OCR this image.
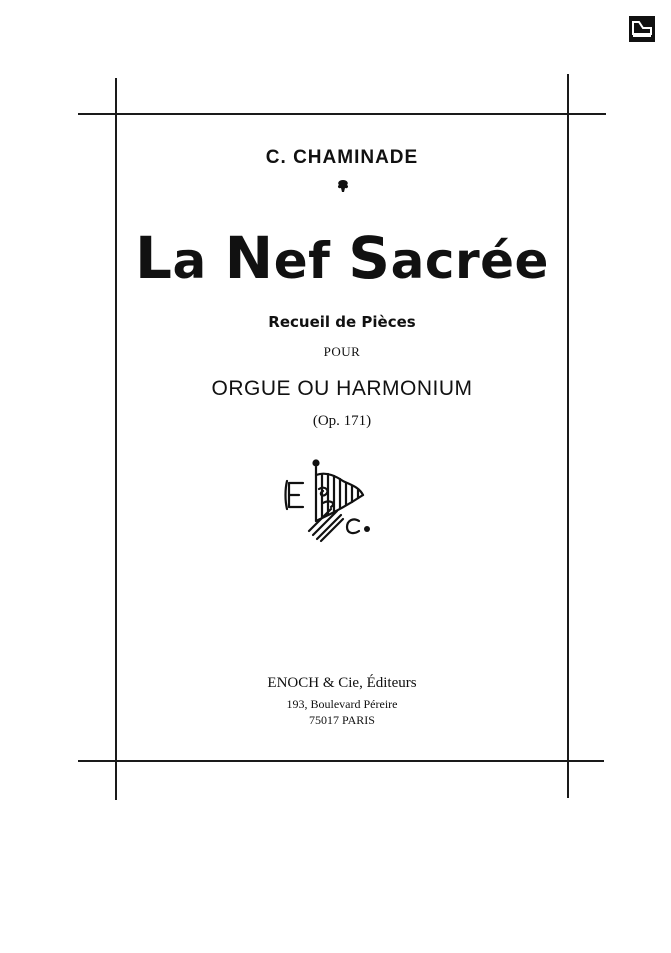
C. CHAMINADE
La Nef Sacrée
Recueil de Pièces
POUR
ORGUE OU HARMONIUM
(Op. 171)
ENOCH & Cie, Éditeurs
193, Boulevard Péreire
75017 PARIS
